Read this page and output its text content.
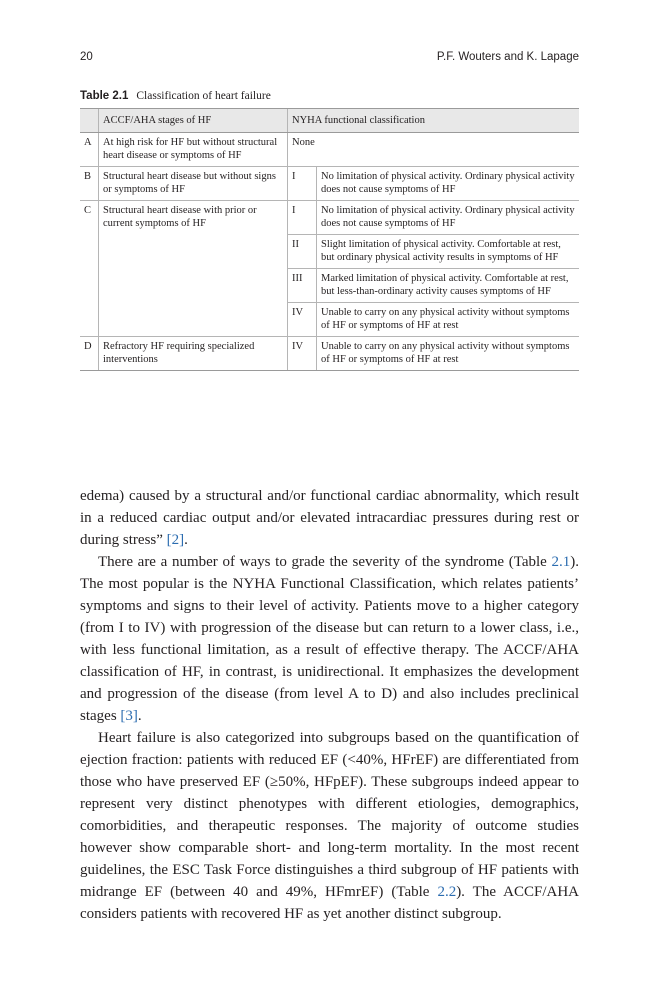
20	P.F. Wouters and K. Lapage
Table 2.1 Classification of heart failure
	ACCF/AHA stages of HF	NYHA functional classification	
A	At high risk for HF but without structural heart disease or symptoms of HF	None	
B	Structural heart disease but without signs or symptoms of HF	I	No limitation of physical activity. Ordinary physical activity does not cause symptoms of HF
C	Structural heart disease with prior or current symptoms of HF	I	No limitation of physical activity. Ordinary physical activity does not cause symptoms of HF
		II	Slight limitation of physical activity. Comfortable at rest, but ordinary physical activity results in symptoms of HF
		III	Marked limitation of physical activity. Comfortable at rest, but less-than-ordinary activity causes symptoms of HF
		IV	Unable to carry on any physical activity without symptoms of HF or symptoms of HF at rest
D	Refractory HF requiring specialized interventions	IV	Unable to carry on any physical activity without symptoms of HF or symptoms of HF at rest

edema) caused by a structural and/or functional cardiac abnormality, which result in a reduced cardiac output and/or elevated intracardiac pressures during rest or during stress” [2].

There are a number of ways to grade the severity of the syndrome (Table 2.1). The most popular is the NYHA Functional Classification, which relates patients’ symptoms and signs to their level of activity. Patients move to a higher category (from I to IV) with progression of the disease but can return to a lower class, i.e., with less functional limitation, as a result of effective therapy. The ACCF/AHA classification of HF, in contrast, is unidirectional. It emphasizes the development and progression of the disease (from level A to D) and also includes preclinical stages [3].

Heart failure is also categorized into subgroups based on the quantification of ejection fraction: patients with reduced EF (<40%, HFrEF) are differentiated from those who have preserved EF (≥50%, HFpEF). These subgroups indeed appear to represent very distinct phenotypes with different etiologies, demographics, comorbidities, and therapeutic responses. The majority of outcome studies however show comparable short- and long-term mortality. In the most recent guidelines, the ESC Task Force distinguishes a third subgroup of HF patients with midrange EF (between 40 and 49%, HFmrEF) (Table 2.2). The ACCF/AHA considers patients with recovered HF as yet another distinct subgroup.
